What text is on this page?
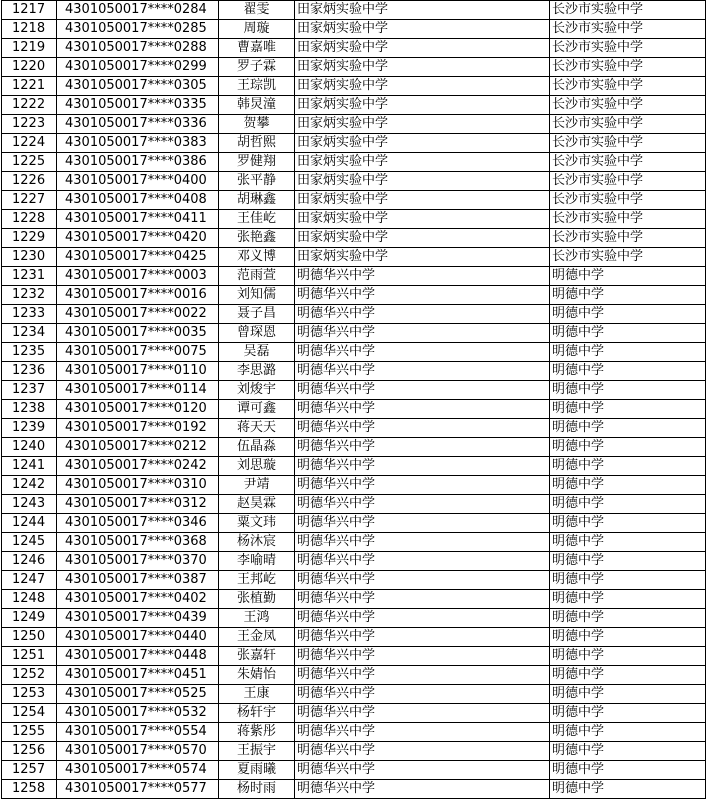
1217	4301050017****0284	翟雯	田家炳实验中学	长沙市实验中学
1218	4301050017****0285	周璇	田家炳实验中学	长沙市实验中学
1219	4301050017****0288	曹嘉唯	田家炳实验中学	长沙市实验中学
1220	4301050017****0299	罗子霖	田家炳实验中学	长沙市实验中学
1221	4301050017****0305	王琮凯	田家炳实验中学	长沙市实验中学
1222	4301050017****0335	韩炅潼	田家炳实验中学	长沙市实验中学
1223	4301050017****0336	贺攀	田家炳实验中学	长沙市实验中学
1224	4301050017****0383	胡哲熙	田家炳实验中学	长沙市实验中学
1225	4301050017****0386	罗健翔	田家炳实验中学	长沙市实验中学
1226	4301050017****0400	张平静	田家炳实验中学	长沙市实验中学
1227	4301050017****0408	胡琳鑫	田家炳实验中学	长沙市实验中学
1228	4301050017****0411	王佳屹	田家炳实验中学	长沙市实验中学
1229	4301050017****0420	张艳鑫	田家炳实验中学	长沙市实验中学
1230	4301050017****0425	邓义博	田家炳实验中学	长沙市实验中学
1231	4301050017****0003	范雨萱	明德华兴中学	明德中学
1232	4301050017****0016	刘知儒	明德华兴中学	明德中学
1233	4301050017****0022	聂子昌	明德华兴中学	明德中学
1234	4301050017****0035	曾琛恩	明德华兴中学	明德中学
1235	4301050017****0075	吴磊	明德华兴中学	明德中学
1236	4301050017****0110	李思潞	明德华兴中学	明德中学
1237	4301050017****0114	刘焌宇	明德华兴中学	明德中学
1238	4301050017****0120	谭可鑫	明德华兴中学	明德中学
1239	4301050017****0192	蒋天天	明德华兴中学	明德中学
1240	4301050017****0212	伍晶淼	明德华兴中学	明德中学
1241	4301050017****0242	刘思璇	明德华兴中学	明德中学
1242	4301050017****0310	尹靖	明德华兴中学	明德中学
1243	4301050017****0312	赵昊霖	明德华兴中学	明德中学
1244	4301050017****0346	粟文玮	明德华兴中学	明德中学
1245	4301050017****0368	杨沐宸	明德华兴中学	明德中学
1246	4301050017****0370	李喻晴	明德华兴中学	明德中学
1247	4301050017****0387	王邦屹	明德华兴中学	明德中学
1248	4301050017****0402	张植勤	明德华兴中学	明德中学
1249	4301050017****0439	王鸿	明德华兴中学	明德中学
1250	4301050017****0440	王金凤	明德华兴中学	明德中学
1251	4301050017****0448	张嘉轩	明德华兴中学	明德中学
1252	4301050017****0451	朱婧怡	明德华兴中学	明德中学
1253	4301050017****0525	王康	明德华兴中学	明德中学
1254	4301050017****0532	杨轩宇	明德华兴中学	明德中学
1255	4301050017****0554	蒋紫彤	明德华兴中学	明德中学
1256	4301050017****0570	王振宇	明德华兴中学	明德中学
1257	4301050017****0574	夏雨曦	明德华兴中学	明德中学
1258	4301050017****0577	杨时雨	明德华兴中学	明德中学
